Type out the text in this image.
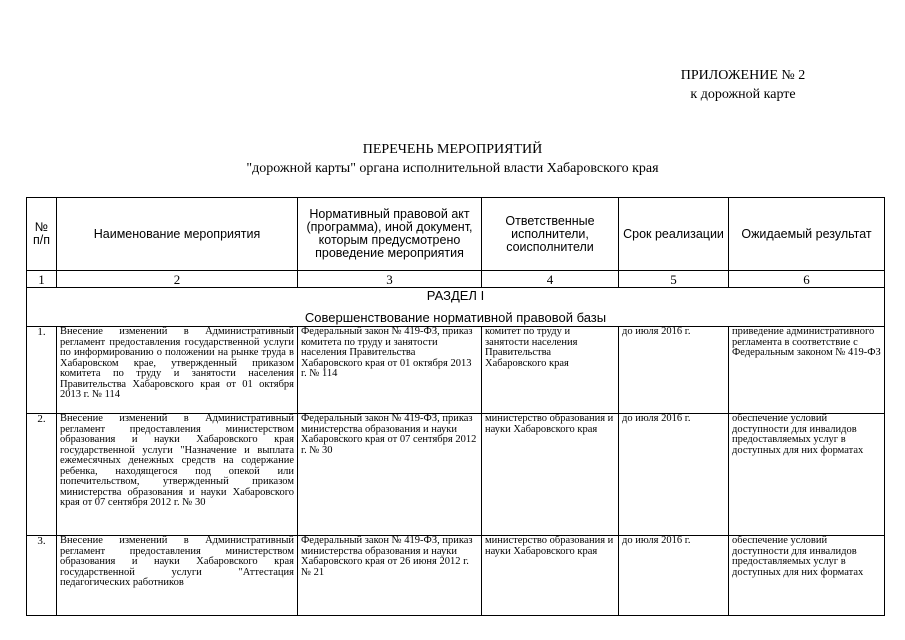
ПРИЛОЖЕНИЕ № 2
к дорожной карте
ПЕРЕЧЕНЬ МЕРОПРИЯТИЙ
"дорожной карты" органа исполнительной власти Хабаровского края
№ п/п	Наименование мероприятия	Нормативный правовой акт (программа), иной документ, которым предусмотрено проведение мероприятия	Ответственные исполнители, соисполнители	Срок реализации	Ожидаемый результат
1	2	3	4	5	6

РАЗДЕЛ I
Совершенствование нормативной правовой базы					

1.	Внесение изменений в Административный регламент предоставления государственной услуги по информированию о положении на рынке труда в Хабаровском крае, утвержденный приказом комитета по труду и занятости населения Правительства Хабаровского края от 01 октября 2013 г. № 114	Федеральный закон № 419-ФЗ, приказ комитета по труду и занятости населения Правительства Хабаровского края от 01 октября 2013 г. № 114	комитет по труду и занятости населения Правительства Хабаровского края	до июля 2016 г.	приведение административного регламента в соответствие с Федеральным законом № 419-ФЗ
2.	Внесение изменений в Административный регламент предоставления министерством образования и науки Хабаровского края государственной услуги "Назначение и выплата ежемесячных денежных средств на содержание ребенка, находящегося под опекой или попечительством, утвержденный приказом министерства образования и науки Хабаровского края от 07 сентября 2012 г. № 30	Федеральный закон № 419-ФЗ, приказ министерства образования и науки Хабаровского края от 07 сентября 2012 г. № 30	министерство образования и науки Хабаровского края	до июля 2016 г.	обеспечение условий доступности для инвалидов предоставляемых услуг в доступных для них форматах
3.	Внесение изменений в Административный регламент предоставления министерством образования и науки Хабаровского края государственной услуги "Аттестация педагогических работников	Федеральный закон № 419-ФЗ, приказ министерства образования и науки Хабаровского края от 26 июня 2012 г. № 21	министерство образования и науки Хабаровского края	до июля 2016 г.	обеспечение условий доступности для инвалидов предоставляемых услуг в доступных для них форматах
